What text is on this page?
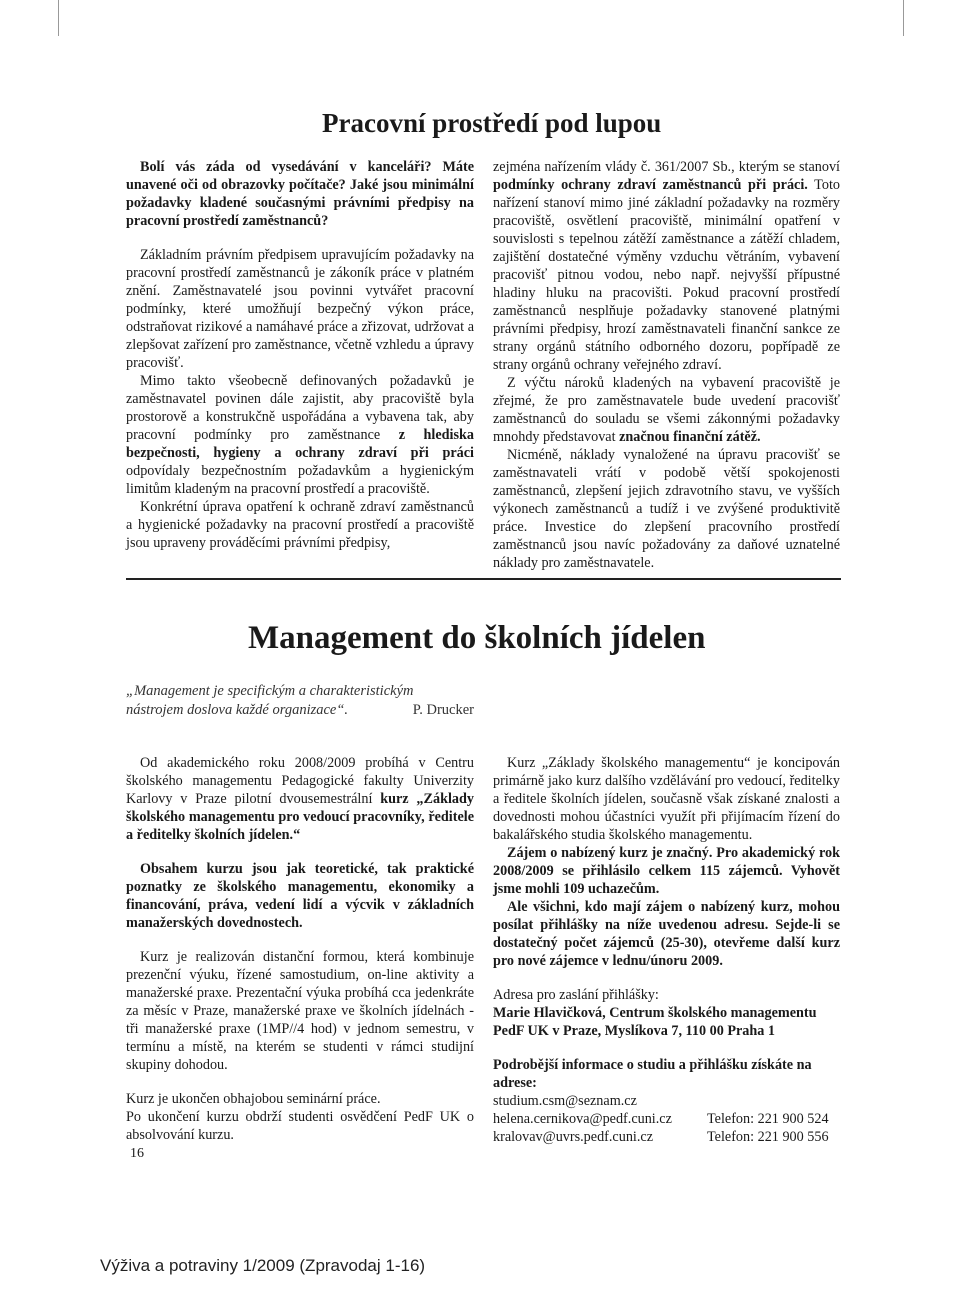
Pracovní prostředí pod lupou

Bolí vás záda od vysedávání v kanceláři? Máte unavené oči od obrazovky počítače? Jaké jsou minimální požadavky kladené současnými právními předpisy na pracovní prostředí zaměstnanců?

Základním právním předpisem upravujícím požadavky na pracovní prostředí zaměstnanců je zákoník práce v platném znění. Zaměstnavatelé jsou povinni vytvářet pracovní podmínky, které umožňují bezpečný výkon práce, odstraňovat rizikové a namáhavé práce a zřizovat, udržovat a zlepšovat zařízení pro zaměstnance, včetně vzhledu a úpravy pracovišť.

Mimo takto všeobecně definovaných požadavků je zaměstnavatel povinen dále zajistit, aby pracoviště byla prostorově a konstrukčně uspořádána a vybavena tak, aby pracovní podmínky pro zaměstnance z hlediska bezpečnosti, hygieny a ochrany zdraví při práci odpovídaly bezpečnostním požadavkům a hygienickým limitům kladeným na pracovní prostředí a pracoviště.

Konkrétní úprava opatření k ochraně zdraví zaměstnanců a hygienické požadavky na pracovní prostředí a pracoviště jsou upraveny prováděcími právními předpisy,

zejména nařízením vlády č. 361/2007 Sb., kterým se stanoví podmínky ochrany zdraví zaměstnanců při práci. Toto nařízení stanoví mimo jiné základní požadavky na rozměry pracoviště, osvětlení pracoviště, minimální opatření v souvislosti s tepelnou zátěží zaměstnance a zátěží chladem, zajištění dostatečné výměny vzduchu větráním, vybavení pracovišť pitnou vodou, nebo např. nejvyšší přípustné hladiny hluku na pracovišti. Pokud pracovní prostředí zaměstnanců nesplňuje požadavky stanovené platnými právními předpisy, hrozí zaměstnavateli finanční sankce ze strany orgánů státního odborného dozoru, popřípadě ze strany orgánů ochrany veřejného zdraví.

Z výčtu nároků kladených na vybavení pracoviště je zřejmé, že pro zaměstnavatele bude uvedení pracovišť zaměstnanců do souladu se všemi zákonnými požadavky mnohdy představovat značnou finanční zátěž.

Nicméně, náklady vynaložené na úpravu pracovišť se zaměstnavateli vrátí v podobě větší spokojenosti zaměstnanců, zlepšení jejich zdravotního stavu, ve vyšších výkonech zaměstnanců a tudíž i ve zvýšené produktivitě práce. Investice do zlepšení pracovního prostředí zaměstnanců jsou navíc požadovány za daňové uznatelné náklady pro zaměstnavatele.

Management do školních jídelen
„Management je specifickým a charakteristickým nástrojem doslova každé organizace“.	P. Drucker

Od akademického roku 2008/2009 probíhá v Centru školského managementu Pedagogické fakulty Univerzity Karlovy v Praze pilotní dvousemestrální kurz „Základy školského managementu pro vedoucí pracovníky, ředitele a ředitelky školních jídelen.“

Obsahem kurzu jsou jak teoretické, tak praktické poznatky ze školského managementu, ekonomiky a financování, práva, vedení lidí a výcvik v základních manažerských dovednostech.

Kurz je realizován distanční formou, která kombinuje prezenční výuku, řízené samostudium, on-line aktivity a manažerské praxe. Prezentační výuka probíhá cca jedenkráte za měsíc v Praze, manažerské praxe ve školních jídelnách - tři manažerské praxe (1MP//4 hod) v jednom semestru, v termínu a místě, na kterém se studenti v rámci studijní skupiny dohodou.

Kurz je ukončen obhajobou seminární práce.

Po ukončení kurzu obdrží studenti osvědčení PedF UK o absolvování kurzu.

Kurz „Základy školského managementu“ je koncipován primárně jako kurz dalšího vzdělávání pro vedoucí, ředitelky a ředitele školních jídelen, současně však získané znalosti a dovednosti mohou účastníci využít při přijímacím řízení do bakalářského studia školského managementu.

Zájem o nabízený kurz je značný. Pro akademický rok 2008/2009 se přihlásilo celkem 115 zájemců. Vyhovět jsme mohli 109 uchazečům.

Ale všichni, kdo mají zájem o nabízený kurz, mohou posílat přihlášky na níže uvedenou adresu. Sejde-li se dostatečný počet zájemců (25-30), otevřeme další kurz pro nové zájemce v lednu/únoru 2009.

Adresa pro zaslání přihlášky:

Marie Hlavičková, Centrum školského managementu

PedF UK v Praze, Myslíkova 7, 110 00 Praha 1

Podrobější informace o studiu a přihlášku získáte na adrese:

studium.csm@seznam.cz

helena.cernikova@pedf.cuni.cz	Telefon: 221 900 524
kralovav@uvrs.pedf.cuni.cz	Telefon: 221 900 556
16
Výživa a potraviny 1/2009 (Zpravodaj 1-16)
